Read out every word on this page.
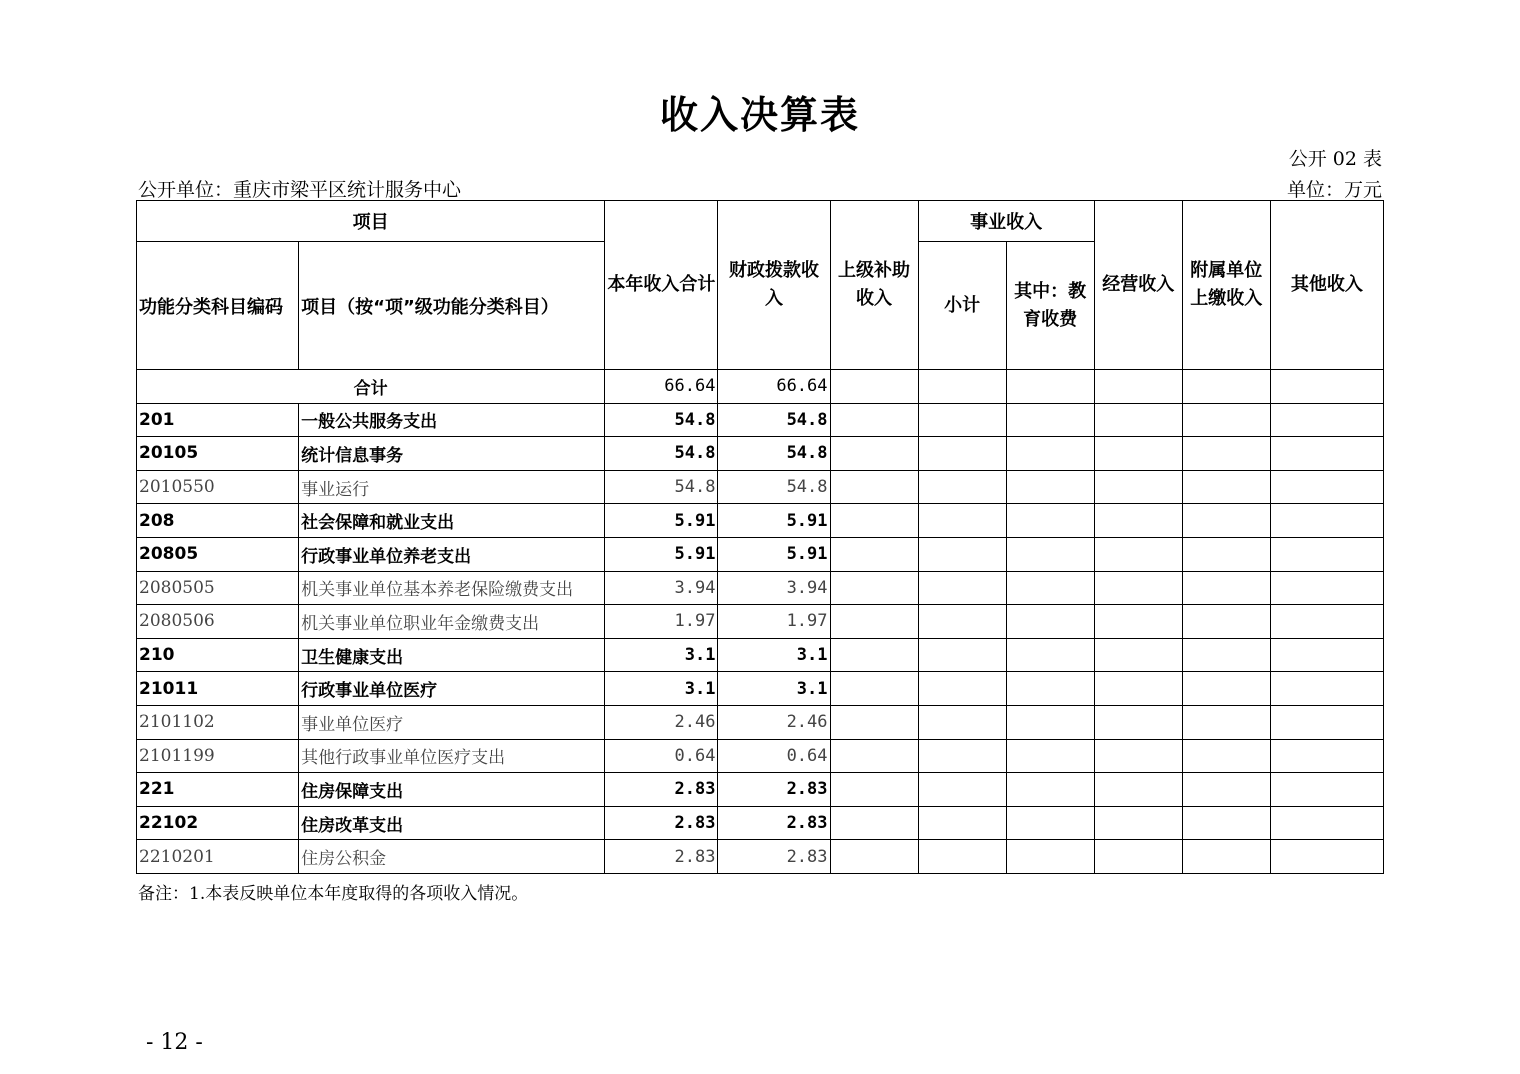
收入决算表
公开 02 表
公开单位：重庆市梁平区统计服务中心	单位：万元
项目		本年收入合计	财政拨款收入	上级补助收入	事业收入		经营收入	附属单位上缴收入	其他收入
功能分类科目编码	项目（按“项”级功能分类科目）				小计	其中：教育收费			
合计		66.64	66.64						
201	一般公共服务支出	54.8	54.8						
20105	统计信息事务	54.8	54.8						
2010550	事业运行	54.8	54.8						
208	社会保障和就业支出	5.91	5.91						
20805	行政事业单位养老支出	5.91	5.91						
2080505	机关事业单位基本养老保险缴费支出	3.94	3.94						
2080506	机关事业单位职业年金缴费支出	1.97	1.97						
210	卫生健康支出	3.1	3.1						
21011	行政事业单位医疗	3.1	3.1						
2101102	事业单位医疗	2.46	2.46						
2101199	其他行政事业单位医疗支出	0.64	0.64						
221	住房保障支出	2.83	2.83						
22102	住房改革支出	2.83	2.83						
2210201	住房公积金	2.83	2.83						
备注：1.本表反映单位本年度取得的各项收入情况。
- 12 -
